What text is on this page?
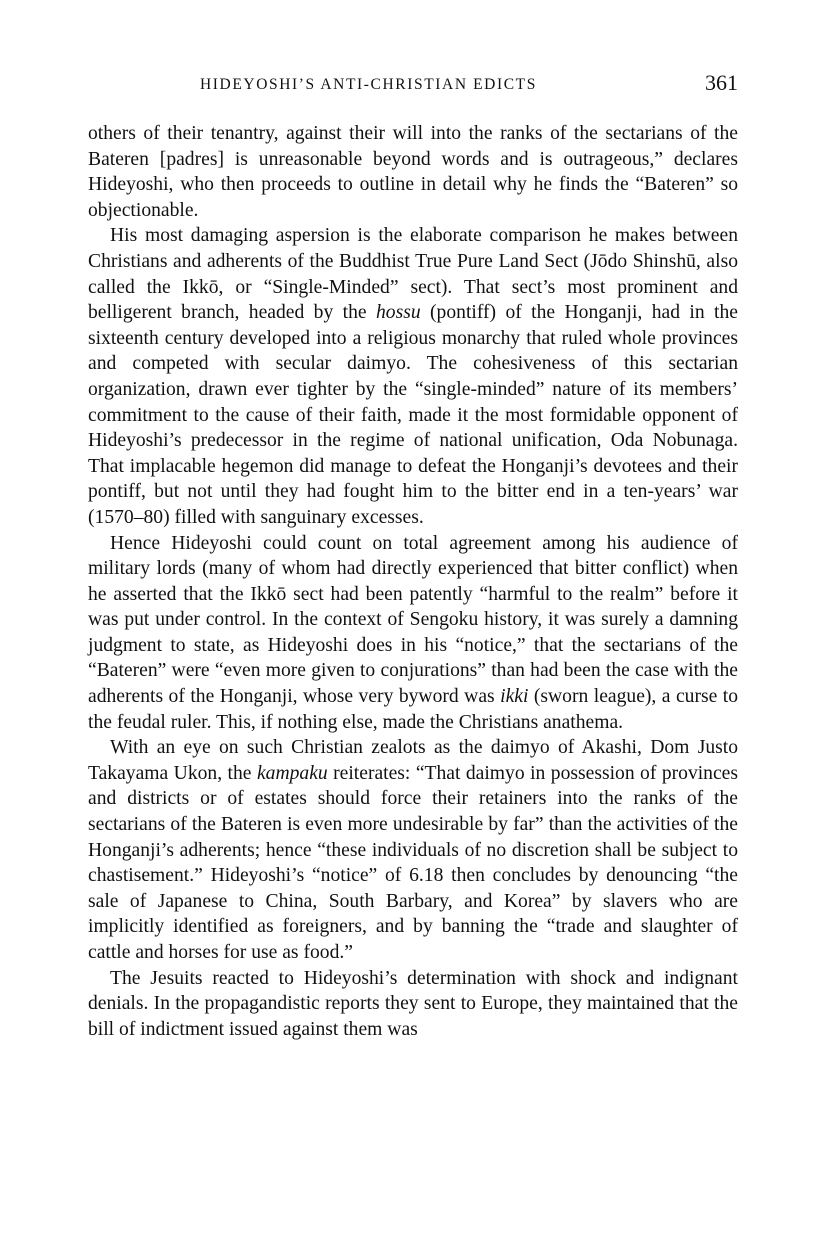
HIDEYOSHI’S ANTI-CHRISTIAN EDICTS	361

others of their tenantry, against their will into the ranks of the sectarians of the Bateren [padres] is unreasonable beyond words and is outrageous,” declares Hideyoshi, who then proceeds to outline in detail why he finds the “Bateren” so objectionable.

His most damaging aspersion is the elaborate comparison he makes between Christians and adherents of the Buddhist True Pure Land Sect (Jōdo Shinshū, also called the Ikkō, or “Single-Minded” sect). That sect’s most prominent and belligerent branch, headed by the hossu (pontiff) of the Honganji, had in the sixteenth century developed into a religious monarchy that ruled whole provinces and competed with secular daimyo. The cohesiveness of this sectarian organization, drawn ever tighter by the “single-minded” nature of its members’ commitment to the cause of their faith, made it the most formidable opponent of Hideyoshi’s predecessor in the regime of national unification, Oda Nobunaga. That implacable hegemon did manage to defeat the Honganji’s devotees and their pontiff, but not until they had fought him to the bitter end in a ten-years’ war (1570–80) filled with sanguinary excesses.

Hence Hideyoshi could count on total agreement among his audience of military lords (many of whom had directly experienced that bitter conflict) when he asserted that the Ikkō sect had been patently “harmful to the realm” before it was put under control. In the context of Sengoku history, it was surely a damning judgment to state, as Hideyoshi does in his “notice,” that the sectarians of the “Bateren” were “even more given to conjurations” than had been the case with the adherents of the Honganji, whose very byword was ikki (sworn league), a curse to the feudal ruler. This, if nothing else, made the Christians anathema.

With an eye on such Christian zealots as the daimyo of Akashi, Dom Justo Takayama Ukon, the kampaku reiterates: “That daimyo in possession of provinces and districts or of estates should force their retainers into the ranks of the sectarians of the Bateren is even more undesirable by far” than the activities of the Honganji’s adherents; hence “these individuals of no discretion shall be subject to chastisement.” Hideyoshi’s “notice” of 6.18 then concludes by denouncing “the sale of Japanese to China, South Barbary, and Korea” by slavers who are implicitly identified as foreigners, and by banning the “trade and slaughter of cattle and horses for use as food.”

The Jesuits reacted to Hideyoshi’s determination with shock and indignant denials. In the propagandistic reports they sent to Europe, they maintained that the bill of indictment issued against them was
